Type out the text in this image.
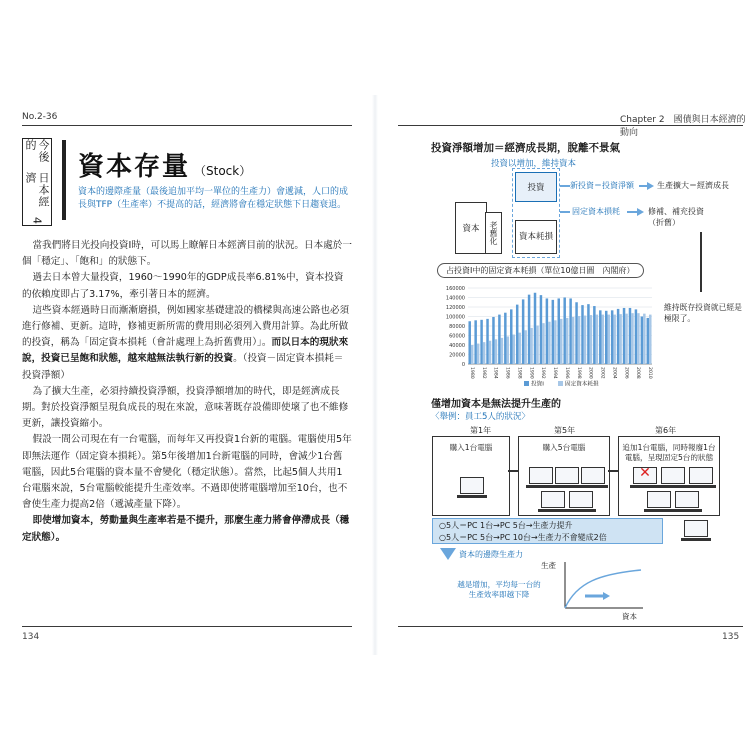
No.2-36
今後的
日本經濟
4
資本存量 （Stock）
資本的邊際產量（最後追加平均一單位的生產力）會遞減，人口的成長與TFP（生產率）不提高的話，經濟將會在穩定狀態下日趨衰退。

當我們將目光投向投資I時，可以馬上瞭解日本經濟目前的狀況。日本處於一個「穩定」、「飽和」的狀態下。

過去日本曾大量投資，1960～1990年的GDP成長率6.81%中，資本投資的依賴度即占了3.17%，牽引著日本的經濟。

這些資本經過時日而漸漸磨損，例如國家基礎建設的橋樑與高速公路也必須進行修補、更新。這時，修補更新所需的費用則必須列入費用計算。為此所做的投資，稱為「固定資本損耗（會計處理上為折舊費用）」。而以日本的現狀來說，投資已呈飽和狀態，越來越無法執行新的投資。（投資－固定資本損耗＝投資淨額）

為了擴大生產，必須持續投資淨額，投資淨額增加的時代，即是經濟成長期。對於投資淨額呈現負成長的現在來說，意味著既存設備即使壞了也不維修更新，讓投資縮小。

假設一間公司現在有一台電腦，而每年又再投資1台新的電腦。電腦使用5年即無法運作（固定資本損耗）。第5年後增加1台新電腦的同時，會減少1台舊電腦，因此5台電腦的資本量不會變化（穩定狀態）。當然，比起5個人共用1台電腦來說，5台電腦較能提升生產效率。不過即使將電腦增加至10台，也不會使生產力提高2倍（遞減產量下降）。

即使增加資本，勞動量與生產率若是不提升，那麼生產力將會停滯成長（穩定狀態）。

134
Chapter 2　國債與日本經濟的動向
投資淨額增加＝經濟成長期，脫離不景氣
投資以增加，維持資本
資本	老舊化
投資
資本耗損
新投資＝投資淨額	生產擴大＝經濟成長
固定資本損耗	修補、補充投資（折舊）
0
20000
40000
60000
80000
100000
120000
140000
160000
1980 1982 1984 1986 1988 1990 1992 1994 1996 1998 2000 2002 2004 2006 2008 2010
投資I	固定資本耗損
占投資I中的固定資本耗損（單位10億日圓　內閣府）
維持既存投資就已經是極限了。
僅增加資本是無法提升生產的
〈舉例：員工5人的狀況〉
第1年	第5年	第6年
購入1台電腦	購入5台電腦	追加1台電腦，同時報廢1台電腦，呈現固定5台的狀態
✕
○5人＝PC 1台→PC 5台→生產力提升
○5人＝PC 5台→PC 10台→生產力不會變成2倍
資本的邊際生產力
越是增加，平均每一台的生產效率即越下降
生產
資本
135
